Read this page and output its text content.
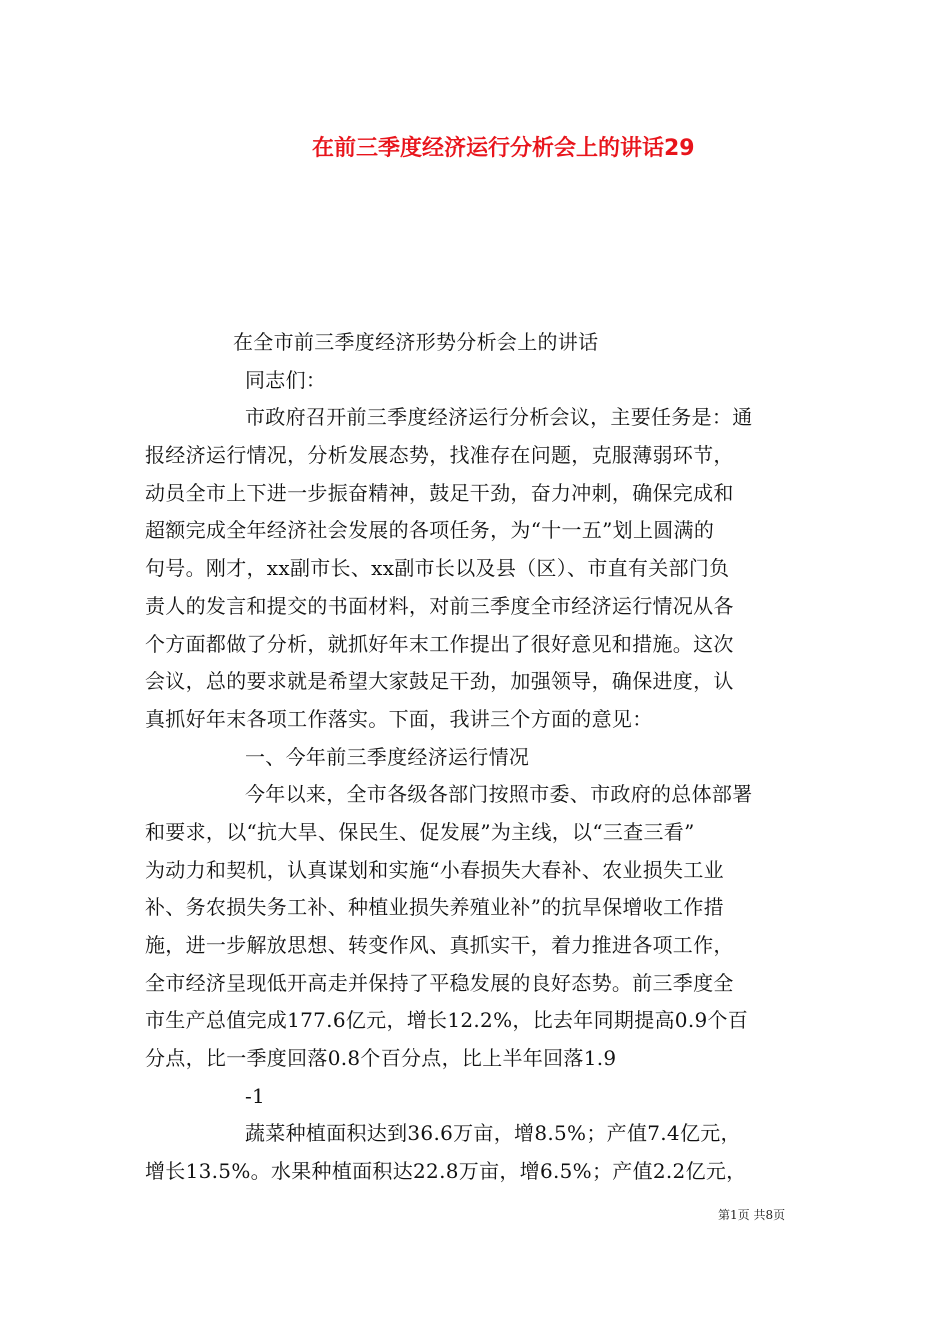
在前三季度经济运行分析会上的讲话29
在全市前三季度经济形势分析会上的讲话
同志们：
市政府召开前三季度经济运行分析会议，主要任务是：通
报经济运行情况，分析发展态势，找准存在问题，克服薄弱环节，
动员全市上下进一步振奋精神，鼓足干劲，奋力冲刺，确保完成和
超额完成全年经济社会发展的各项任务，为“十一五”划上圆满的
句号。刚才，xx副市长、xx副市长以及县（区）、市直有关部门负
责人的发言和提交的书面材料，对前三季度全市经济运行情况从各
个方面都做了分析，就抓好年末工作提出了很好意见和措施。这次
会议，总的要求就是希望大家鼓足干劲，加强领导，确保进度，认
真抓好年末各项工作落实。下面，我讲三个方面的意见：
一、今年前三季度经济运行情况
今年以来，全市各级各部门按照市委、市政府的总体部署
和要求，以“抗大旱、保民生、促发展”为主线，以“三查三看”
为动力和契机，认真谋划和实施“小春损失大春补、农业损失工业
补、务农损失务工补、种植业损失养殖业补”的抗旱保增收工作措
施，进一步解放思想、转变作风、真抓实干，着力推进各项工作，
全市经济呈现低开高走并保持了平稳发展的良好态势。前三季度全
市生产总值完成177.6亿元，增长12.2%，比去年同期提高0.9个百
分点，比一季度回落0.8个百分点，比上半年回落1.9
-1
蔬菜种植面积达到36.6万亩，增8.5%；产值7.4亿元，
增长13.5%。水果种植面积达22.8万亩，增6.5%；产值2.2亿元，
第1页 共8页
